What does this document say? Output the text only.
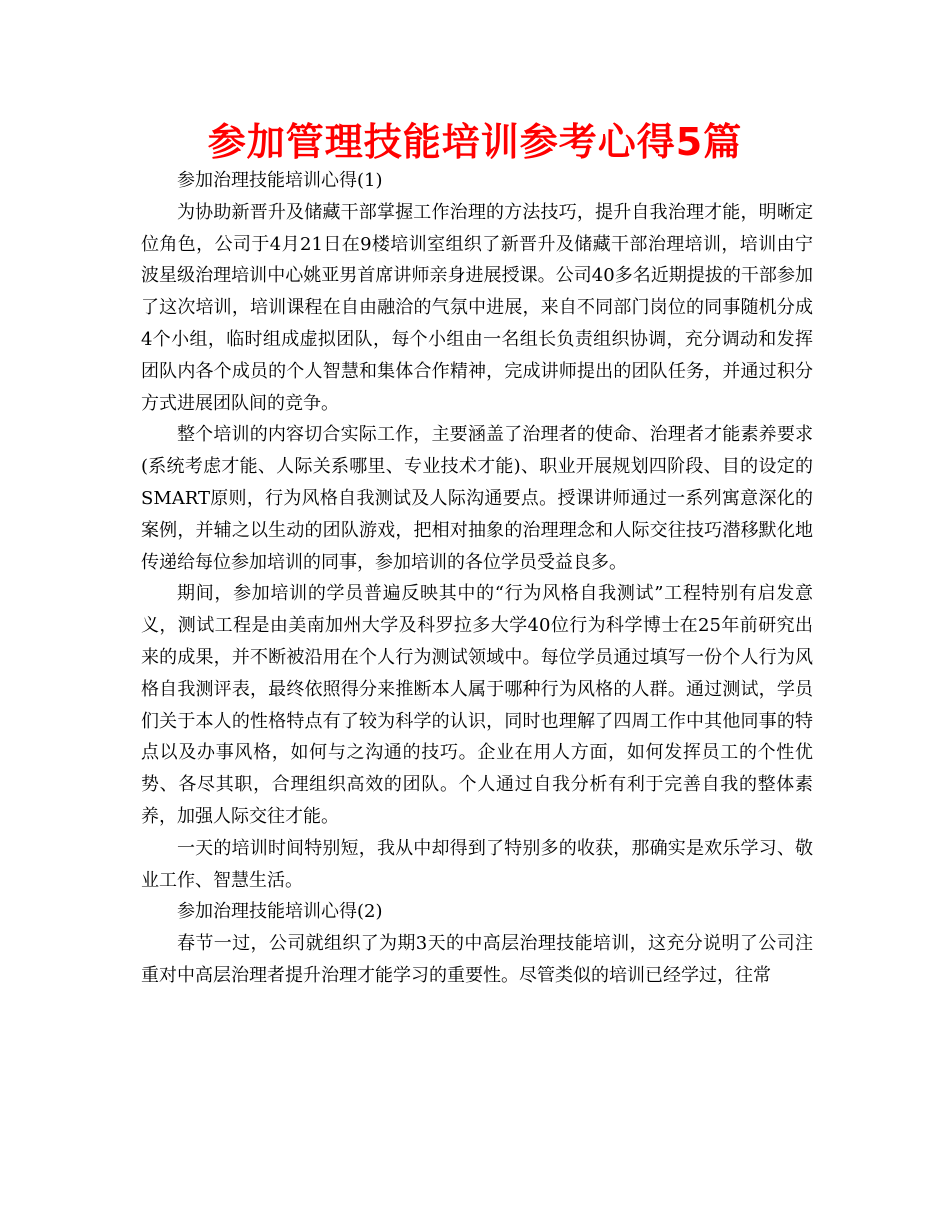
参加管理技能培训参考心得5篇

参加治理技能培训心得(1)

为协助新晋升及储藏干部掌握工作治理的方法技巧，提升自我治理才能，明晰定位角色，公司于4月21日在9楼培训室组织了新晋升及储藏干部治理培训，培训由宁波星级治理培训中心姚亚男首席讲师亲身进展授课。公司40多名近期提拔的干部参加了这次培训，培训课程在自由融洽的气氛中进展，来自不同部门岗位的同事随机分成4个小组，临时组成虚拟团队，每个小组由一名组长负责组织协调，充分调动和发挥团队内各个成员的个人智慧和集体合作精神，完成讲师提出的团队任务，并通过积分方式进展团队间的竞争。

整个培训的内容切合实际工作，主要涵盖了治理者的使命、治理者才能素养要求(系统考虑才能、人际关系哪里、专业技术才能)、职业开展规划四阶段、目的设定的SMART原则，行为风格自我测试及人际沟通要点。授课讲师通过一系列寓意深化的案例，并辅之以生动的团队游戏，把相对抽象的治理理念和人际交往技巧潜移默化地传递给每位参加培训的同事，参加培训的各位学员受益良多。

期间，参加培训的学员普遍反映其中的“行为风格自我测试”工程特别有启发意义，测试工程是由美南加州大学及科罗拉多大学40位行为科学博士在25年前研究出来的成果，并不断被沿用在个人行为测试领域中。每位学员通过填写一份个人行为风格自我测评表，最终依照得分来推断本人属于哪种行为风格的人群。通过测试，学员们关于本人的性格特点有了较为科学的认识，同时也理解了四周工作中其他同事的特点以及办事风格，如何与之沟通的技巧。企业在用人方面，如何发挥员工的个性优势、各尽其职，合理组织高效的团队。个人通过自我分析有利于完善自我的整体素养，加强人际交往才能。

一天的培训时间特别短，我从中却得到了特别多的收获，那确实是欢乐学习、敬业工作、智慧生活。

参加治理技能培训心得(2)

春节一过，公司就组织了为期3天的中高层治理技能培训，这充分说明了公司注重对中高层治理者提升治理才能学习的重要性。尽管类似的培训已经学过，往常
